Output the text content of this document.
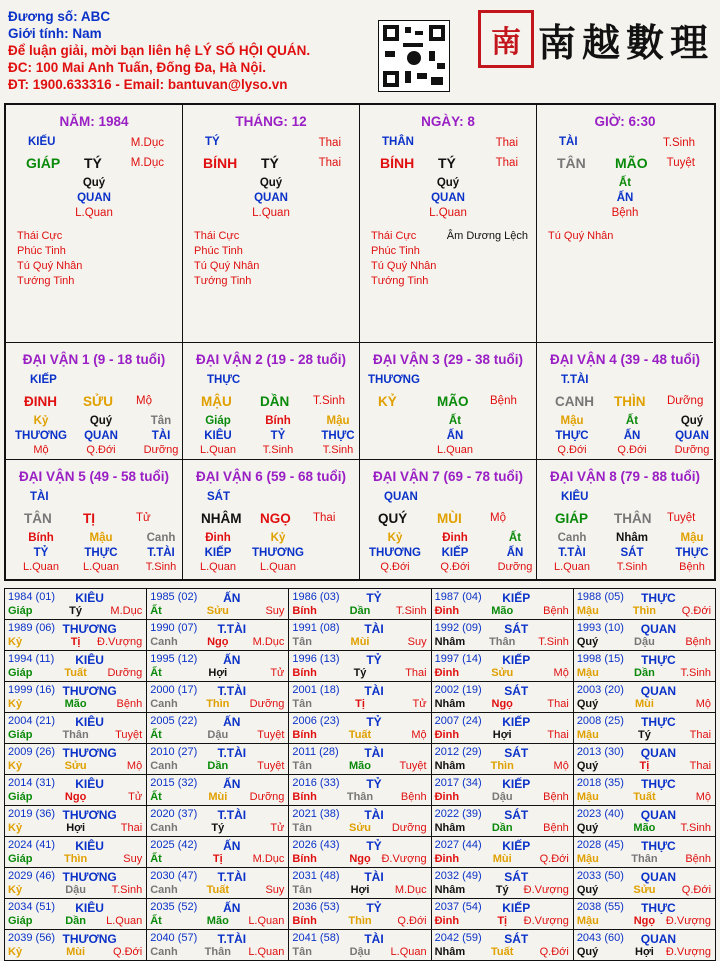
Đương số: ABC
Giới tính: Nam
Để luận giải, mời bạn liên hệ LÝ SỐ HỘI QUÁN.
ĐC: 100 Mai Anh Tuấn, Đống Đa, Hà Nội.
ĐT: 1900.633316 - Email: bantuvan@lyso.vn
南 南越數理
NĂM: 1984
KIẾU	M.Dục
GIÁP TÝ	M.Dục
Quý
QUAN
L.Quan
Thái Cực
Phúc Tinh
Tú Quý Nhân
Tướng Tinh
THÁNG: 12
TÝ	Thai
BÍNH TÝ	Thai
Quý
QUAN
L.Quan
Thái Cực
Phúc Tinh
Tú Quý Nhân
Tướng Tinh
NGÀY: 8
THÂN	Thai
BÍNH TÝ	Thai
Quý
QUAN
L.Quan
Thái Cực
Phúc Tinh
Tú Quý Nhân
Tướng Tinh
Âm Dương Lệch
GIỜ: 6:30
TÀI	T.Sinh
TÂN MÃO Tuyệt
Ất
ẤN
Bệnh
Tú Quý Nhân
ĐẠI VẬN 1 (9 - 18 tuổi)
KIẾP
ĐINH SỬU Mộ
Kỷ
THƯƠNG
Mộ
Quý
QUAN
Q.Đới
Tân
TÀI
Dưỡng
ĐẠI VẬN 2 (19 - 28 tuổi)
THỰC
MẬU DẦN T.Sinh
Giáp
KIÊU
L.Quan
Bính
TỶ
T.Sinh
Mậu
THỰC
T.Sinh
ĐẠI VẬN 3 (29 - 38 tuổi)
THƯƠNG
KỶ	MÃO Bệnh
Ất
ẤN
L.Quan
ĐẠI VẬN 4 (39 - 48 tuổi)
T.TÀI
CANH THÌN Dưỡng
Mậu
THỰC
Q.Đới
Ất
ẤN
Q.Đới
Quý
QUAN
Dưỡng
ĐẠI VẬN 5 (49 - 58 tuổi)
TÀI
TÂN TỊ	Tử
Bính
TỶ
L.Quan
Mậu
THỰC
L.Quan
Canh
T.TÀI
T.Sinh
ĐẠI VẬN 6 (59 - 68 tuổi)
SÁT
NHÂM NGỌ Thai
Đinh
KIẾP
L.Quan
Kỷ
THƯƠNG
L.Quan
ĐẠI VẬN 7 (69 - 78 tuổi)
QUAN
QUÝ MÙI Mộ
Kỷ
THƯƠNG
Q.Đới
Đinh
KIẾP
Q.Đới
Ất
ẤN
Dưỡng
ĐẠI VẬN 8 (79 - 88 tuổi)
KIÊU
GIÁP THÂN Tuyệt
Canh
T.TÀI
L.Quan
Nhâm
SÁT
T.Sinh
Mậu
THỰC
Bệnh
1984 (01)	KIÊU
Giáp	Tý	M.Dục
1985 (02)	ẤN
Ất	Sửu	Suy
1986 (03)	TỶ
Bính	Dần	T.Sinh
1987 (04)	KIẾP
Đinh	Mão	Bệnh
1988 (05)	THỰC
Mậu	Thìn	Q.Đới
1989 (06) THƯƠNG
Kỷ	Tị	Đ.Vượng
1990 (07)	T.TÀI
Canh	Ngọ	M.Dục
1991 (08)	TÀI
Tân	Mùi	Suy
1992 (09)	SÁT
Nhâm	Thân	T.Sinh
1993 (10)	QUAN
Quý	Dậu	Bệnh
1994 (11)	KIÊU
Giáp	Tuất	Dưỡng
1995 (12)	ẤN
Ất	Hợi	Tử
1996 (13)	TỶ
Bính	Tý	Thai
1997 (14)	KIẾP
Đinh	Sửu	Mộ
1998 (15)	THỰC
Mậu	Dần	T.Sinh
1999 (16) THƯƠNG
Kỷ	Mão	Bệnh
2000 (17)	T.TÀI
Canh	Thìn	Dưỡng
2001 (18)	TÀI
Tân	Tị	Tử
2002 (19)	SÁT
Nhâm	Ngọ	Thai
2003 (20)	QUAN
Quý	Mùi	Mộ
2004 (21)	KIÊU
Giáp	Thân	Tuyệt
2005 (22)	ẤN
Ất	Dậu	Tuyệt
2006 (23)	TỶ
Bính	Tuất	Mộ
2007 (24)	KIẾP
Đinh	Hợi	Thai
2008 (25)	THỰC
Mậu	Tý	Thai
2009 (26) THƯƠNG
Kỷ	Sửu	Mộ
2010 (27)	T.TÀI
Canh	Dần	Tuyệt
2011 (28)	TÀI
Tân	Mão	Tuyệt
2012 (29)	SÁT
Nhâm	Thìn	Mộ
2013 (30)	QUAN
Quý	Tị	Thai
2014 (31)	KIÊU
Giáp	Ngọ	Tử
2015 (32)	ẤN
Ất	Mùi	Dưỡng
2016 (33)	TỶ
Bính	Thân	Bệnh
2017 (34)	KIẾP
Đinh	Dậu	Bệnh
2018 (35)	THỰC
Mậu	Tuất	Mộ
2019 (36) THƯƠNG
Kỷ	Hợi	Thai
2020 (37)	T.TÀI
Canh	Tý	Tử
2021 (38)	TÀI
Tân	Sửu	Dưỡng
2022 (39)	SÁT
Nhâm	Dần	Bệnh
2023 (40)	QUAN
Quý	Mão	T.Sinh
2024 (41)	KIÊU
Giáp	Thìn	Suy
2025 (42)	ẤN
Ất	Tị	M.Dục
2026 (43)	TỶ
Bính	Ngọ Đ.Vượng
2027 (44)	KIẾP
Đinh	Mùi	Q.Đới
2028 (45)	THỰC
Mậu	Thân	Bệnh
2029 (46) THƯƠNG
Kỷ	Dậu	T.Sinh
2030 (47)	T.TÀI
Canh	Tuất	Suy
2031 (48)	TÀI
Tân	Hợi	M.Dục
2032 (49)	SÁT
Nhâm	Tý	Đ.Vượng
2033 (50)	QUAN
Quý	Sửu	Q.Đới
2034 (51)	KIÊU
Giáp	Dần	L.Quan
2035 (52)	ẤN
Ất	Mão	L.Quan
2036 (53)	TỶ
Bính	Thìn	Q.Đới
2037 (54)	KIẾP
Đinh	Tị	Đ.Vượng
2038 (55)	THỰC
Mậu	Ngọ Đ.Vượng
2039 (56) THƯƠNG
Kỷ	Mùi	Q.Đới
2040 (57)	T.TÀI
Canh	Thân	L.Quan
2041 (58)	TÀI
Tân	Dậu	L.Quan
2042 (59)	SÁT
Nhâm	Tuất	Q.Đới
2043 (60)	QUAN
Quý	Hợi	Đ.Vượng
